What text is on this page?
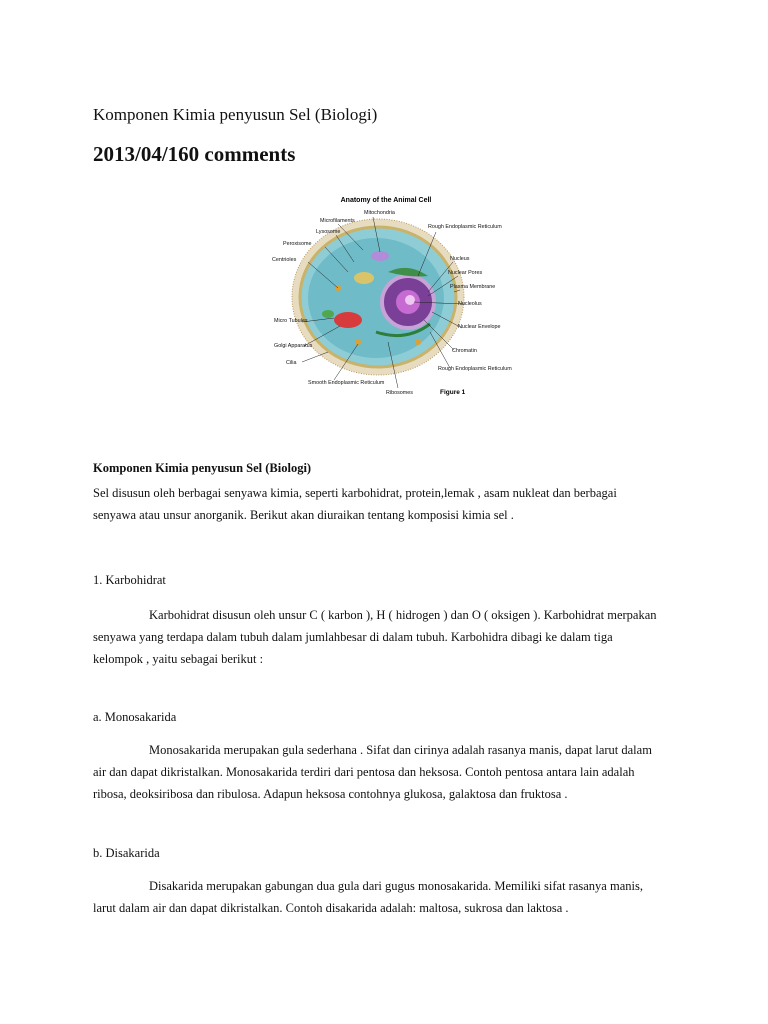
Komponen Kimia penyusun Sel (Biologi)
2013/04/160 comments
Anatomy of the Animal Cell
Microfilaments
Lysosome
Peroxisome
Centrioles
Micro Tubules
Golgi Apparatus
Cilia
Smooth Endoplasmic Reticulum
Mitochondria
Rough Endoplasmic Reticulum
Nucleus
Nuclear Pores
Plasma Membrane
Nucleolus
Nuclear Envelope
Chromatin
Rough Endoplasmic Reticulum
Ribosomes	Figure 1
Komponen Kimia penyusun Sel (Biologi)
Sel disusun oleh berbagai senyawa kimia, seperti karbohidrat, protein,lemak , asam nukleat dan berbagai senyawa atau unsur anorganik. Berikut akan diuraikan tentang komposisi kimia sel .
1. Karbohidrat
Karbohidrat disusun oleh unsur C ( karbon ), H ( hidrogen ) dan O ( oksigen ). Karbohidrat merpakan
senyawa yang terdapa dalam tubuh dalam jumlahbesar di dalam tubuh. Karbohidra dibagi ke dalam tiga
kelompok , yaitu sebagai berikut :
a. Monosakarida
Monosakarida merupakan gula sederhana . Sifat dan cirinya adalah rasanya manis, dapat larut dalam
air dan dapat dikristalkan. Monosakarida terdiri dari pentosa dan heksosa. Contoh pentosa antara lain adalah
ribosa, deoksiribosa dan ribulosa. Adapun heksosa contohnya glukosa, galaktosa dan fruktosa .
b. Disakarida
Disakarida merupakan gabungan dua gula dari gugus monosakarida. Memiliki sifat rasanya manis,
larut dalam air dan dapat dikristalkan. Contoh disakarida adalah: maltosa, sukrosa dan laktosa .
